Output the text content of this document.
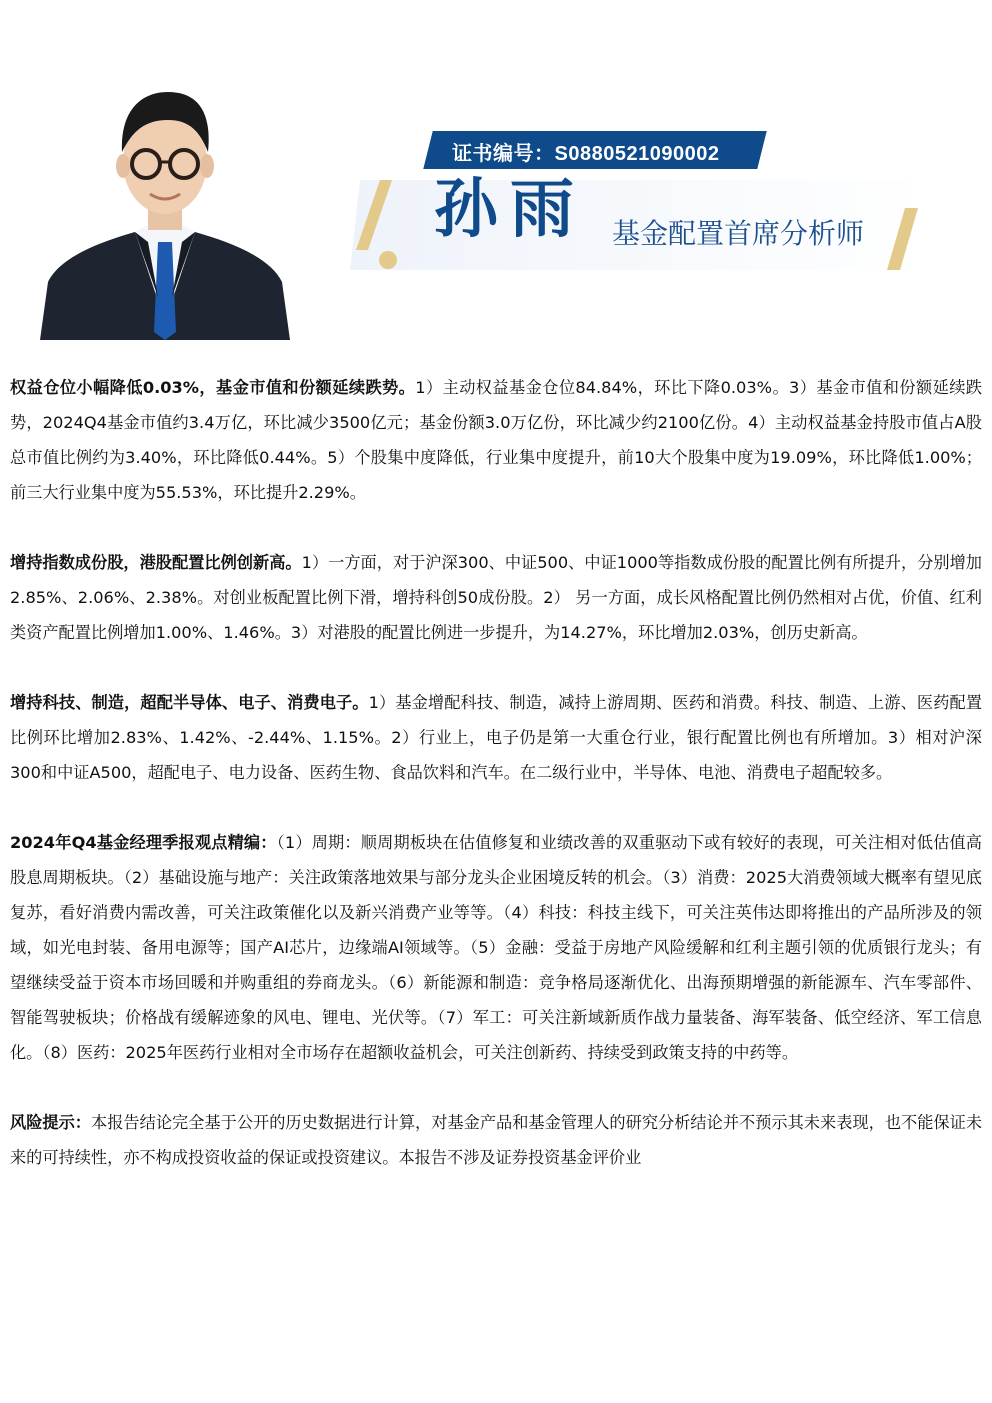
证书编号：S0880521090002
孙雨 基金配置首席分析师

权益仓位小幅降低0.03%，基金市值和份额延续跌势。1）主动权益基金仓位84.84%，环比下降0.03%。3）基金市值和份额延续跌势，2024Q4基金市值约3.4万亿，环比减少3500亿元；基金份额3.0万亿份，环比减少约2100亿份。4）主动权益基金持股市值占A股总市值比例约为3.40%，环比降低0.44%。5）个股集中度降低，行业集中度提升，前10大个股集中度为19.09%，环比降低1.00%；前三大行业集中度为55.53%，环比提升2.29%。

增持指数成份股，港股配置比例创新高。1）一方面，对于沪深300、中证500、中证1000等指数成份股的配置比例有所提升，分别增加2.85%、2.06%、2.38%。对创业板配置比例下滑，增持科创50成份股。2） 另一方面，成长风格配置比例仍然相对占优，价值、红利类资产配置比例增加1.00%、1.46%。3）对港股的配置比例进一步提升，为14.27%，环比增加2.03%，创历史新高。

增持科技、制造，超配半导体、电子、消费电子。1）基金增配科技、制造，减持上游周期、医药和消费。科技、制造、上游、医药配置比例环比增加2.83%、1.42%、-2.44%、1.15%。2）行业上，电子仍是第一大重仓行业，银行配置比例也有所增加。3）相对沪深300和中证A500，超配电子、电力设备、医药生物、食品饮料和汽车。在二级行业中，半导体、电池、消费电子超配较多。

2024年Q4基金经理季报观点精编：（1）周期：顺周期板块在估值修复和业绩改善的双重驱动下或有较好的表现，可关注相对低估值高股息周期板块。（2）基础设施与地产：关注政策落地效果与部分龙头企业困境反转的机会。（3）消费：2025大消费领域大概率有望见底复苏，看好消费内需改善，可关注政策催化以及新兴消费产业等等。（4）科技：科技主线下，可关注英伟达即将推出的产品所涉及的领域，如光电封装、备用电源等；国产AI芯片，边缘端AI领域等。（5）金融：受益于房地产风险缓解和红利主题引领的优质银行龙头；有望继续受益于资本市场回暖和并购重组的券商龙头。（6）新能源和制造：竞争格局逐渐优化、出海预期增强的新能源车、汽车零部件、智能驾驶板块；价格战有缓解迹象的风电、锂电、光伏等。（7）军工：可关注新域新质作战力量装备、海军装备、低空经济、军工信息化。（8）医药：2025年医药行业相对全市场存在超额收益机会，可关注创新药、持续受到政策支持的中药等。

风险提示：本报告结论完全基于公开的历史数据进行计算，对基金产品和基金管理人的研究分析结论并不预示其未来表现，也不能保证未来的可持续性，亦不构成投资收益的保证或投资建议。本报告不涉及证券投资基金评价业
